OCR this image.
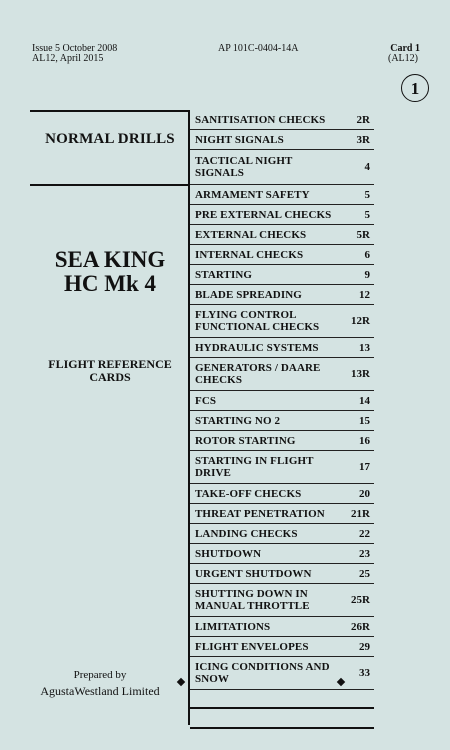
Issue 5 October 2008
AL12, April 2015
AP 101C-0404-14A	Card 1
(AL12)
1
NORMAL DRILLS
SEA KING
HC Mk 4
FLIGHT REFERENCE
CARDS
Prepared by
AgustaWestland Limited
SANITISATION CHECKS	2R
NIGHT SIGNALS	3R
TACTICAL NIGHT SIGNALS	4
ARMAMENT SAFETY	5
PRE EXTERNAL CHECKS	5
EXTERNAL CHECKS	5R
INTERNAL CHECKS	6
STARTING	9
BLADE SPREADING	12
FLYING CONTROL FUNCTIONAL CHECKS	12R
HYDRAULIC SYSTEMS	13
GENERATORS / DAARE CHECKS	13R
FCS	14
STARTING NO 2	15
ROTOR STARTING	16
STARTING IN FLIGHT DRIVE	17
TAKE-OFF CHECKS	20
THREAT PENETRATION	21R
LANDING CHECKS	22
SHUTDOWN	23
URGENT SHUTDOWN	25
SHUTTING DOWN IN MANUAL THROTTLE	25R
LIMITATIONS	26R
FLIGHT ENVELOPES	29
ICING CONDITIONS AND SNOW	33
